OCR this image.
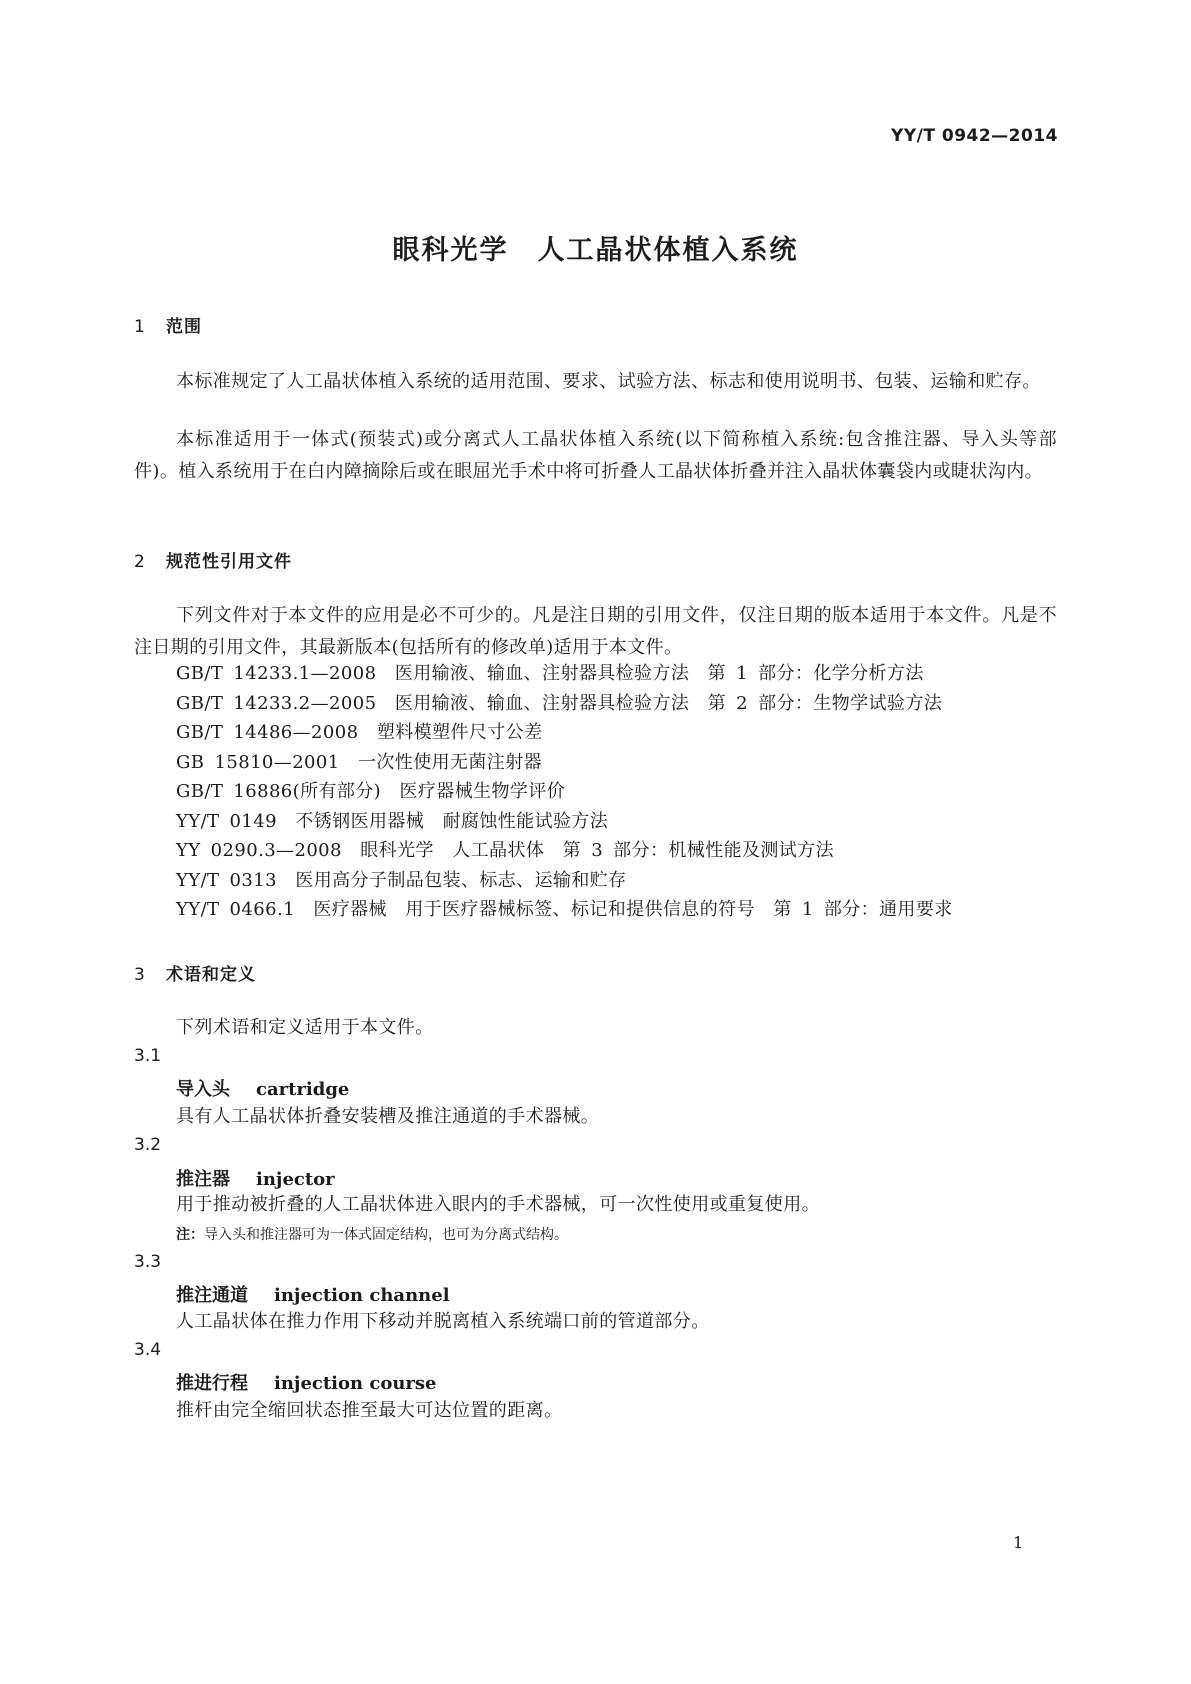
YY/T 0942—2014
眼科光学　人工晶状体植入系统
1 范围
本标准规定了人工晶状体植入系统的适用范围、要求、试验方法、标志和使用说明书、包装、运输和贮存。
本标准适用于一体式(预装式)或分离式人工晶状体植入系统(以下简称植入系统:包含推注器、导入头等部件)。植入系统用于在白内障摘除后或在眼屈光手术中将可折叠人工晶状体折叠并注入晶状体囊袋内或睫状沟内。
2 规范性引用文件
下列文件对于本文件的应用是必不可少的。凡是注日期的引用文件，仅注日期的版本适用于本文件。凡是不注日期的引用文件，其最新版本(包括所有的修改单)适用于本文件。
GB/T 14233.1—2008　医用输液、输血、注射器具检验方法　第 1 部分：化学分析方法
GB/T 14233.2—2005　医用输液、输血、注射器具检验方法　第 2 部分：生物学试验方法
GB/T 14486—2008　塑料模塑件尺寸公差
GB 15810—2001　一次性使用无菌注射器
GB/T 16886(所有部分)　医疗器械生物学评价
YY/T 0149　不锈钢医用器械　耐腐蚀性能试验方法
YY 0290.3—2008　眼科光学　人工晶状体　第 3 部分：机械性能及测试方法
YY/T 0313　医用高分子制品包装、标志、运输和贮存
YY/T 0466.1　医疗器械　用于医疗器械标签、标记和提供信息的符号　第 1 部分：通用要求
3 术语和定义
下列术语和定义适用于本文件。
3.1
导入头 cartridge
具有人工晶状体折叠安装槽及推注通道的手术器械。
3.2
推注器 injector
用于推动被折叠的人工晶状体进入眼内的手术器械，可一次性使用或重复使用。
注：导入头和推注器可为一体式固定结构，也可为分离式结构。
3.3
推注通道 injection channel
人工晶状体在推力作用下移动并脱离植入系统端口前的管道部分。
3.4
推进行程 injection course
推杆由完全缩回状态推至最大可达位置的距离。
1
